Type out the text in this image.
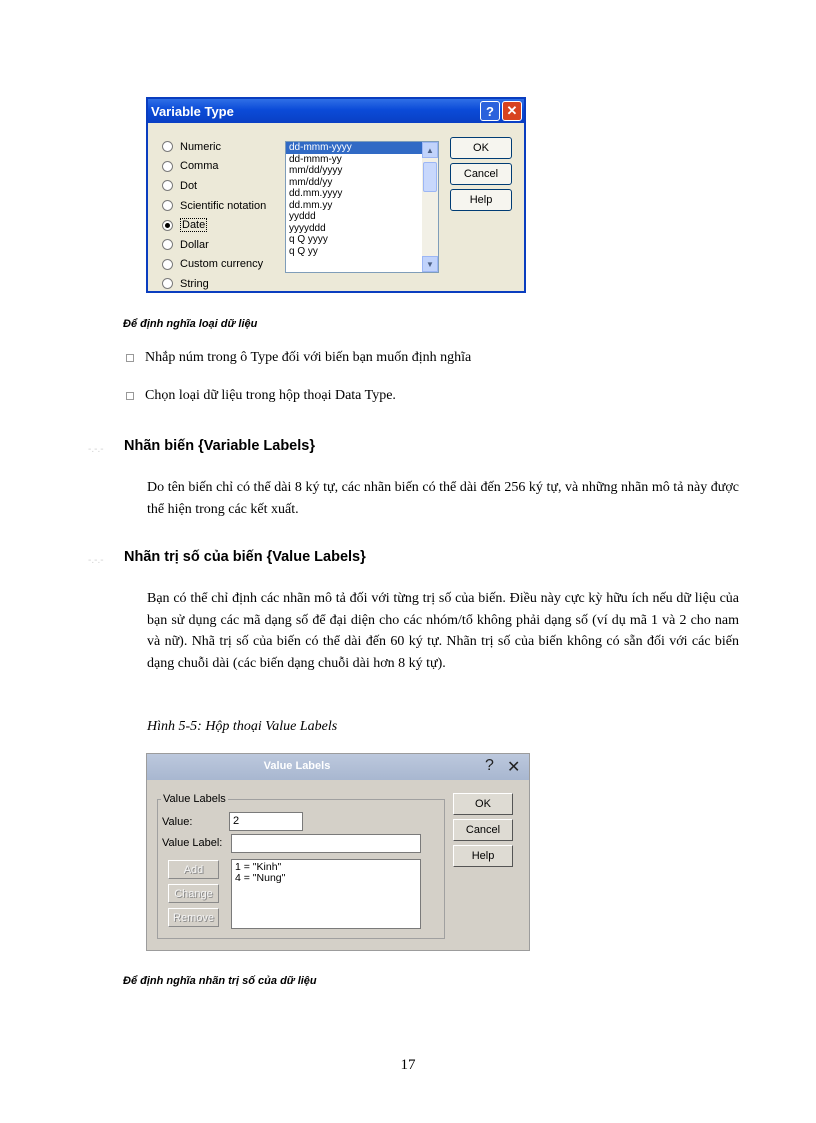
Variable Type	? ✕
Numeric
Comma
Dot
Scientific notation
Date
Dollar
Custom currency
String
dd-mmm-yyyy
dd-mmm-yy
mm/dd/yyyy
mm/dd/yy
dd.mm.yyyy
dd.mm.yy
yyddd
yyyyddd
q Q yyyy
q Q yy
▲
▼
OK
Cancel
Help
Để định nghĩa loại dữ liệu
Nhắp núm trong ô Type đối với biến bạn muốn định nghĩa
Chọn loại dữ liệu trong hộp thoại Data Type.
-.-.- Nhãn biến {Variable Labels}
Do tên biến chỉ có thể dài 8 ký tự, các nhãn biến có thể dài đến 256 ký tự, và những nhãn mô tả này được thể hiện trong các kết xuất.
-.-.- Nhãn trị số của biến {Value Labels}
Bạn có thể chỉ định các nhãn mô tả đối với từng trị số của biến. Điều này cực kỳ hữu ích nếu dữ liệu của bạn sử dụng các mã dạng số để đại diện cho các nhóm/tổ không phải dạng số (ví dụ mã 1 và 2 cho nam và nữ). Nhã trị số của biến có thể dài đến 60 ký tự. Nhãn trị số của biến không có sẵn đối với các biến dạng chuỗi dài (các biến dạng chuỗi dài hơn 8 ký tự).
Hình 5-5: Hộp thoại Value Labels
Value Labels	? ✕
Value Labels
Value:	2
Value Label:
Add
Change
Remove
1 = "Kinh"
4 = "Nung"
OK
Cancel
Help
Để định nghĩa nhãn trị số của dữ liệu
17
